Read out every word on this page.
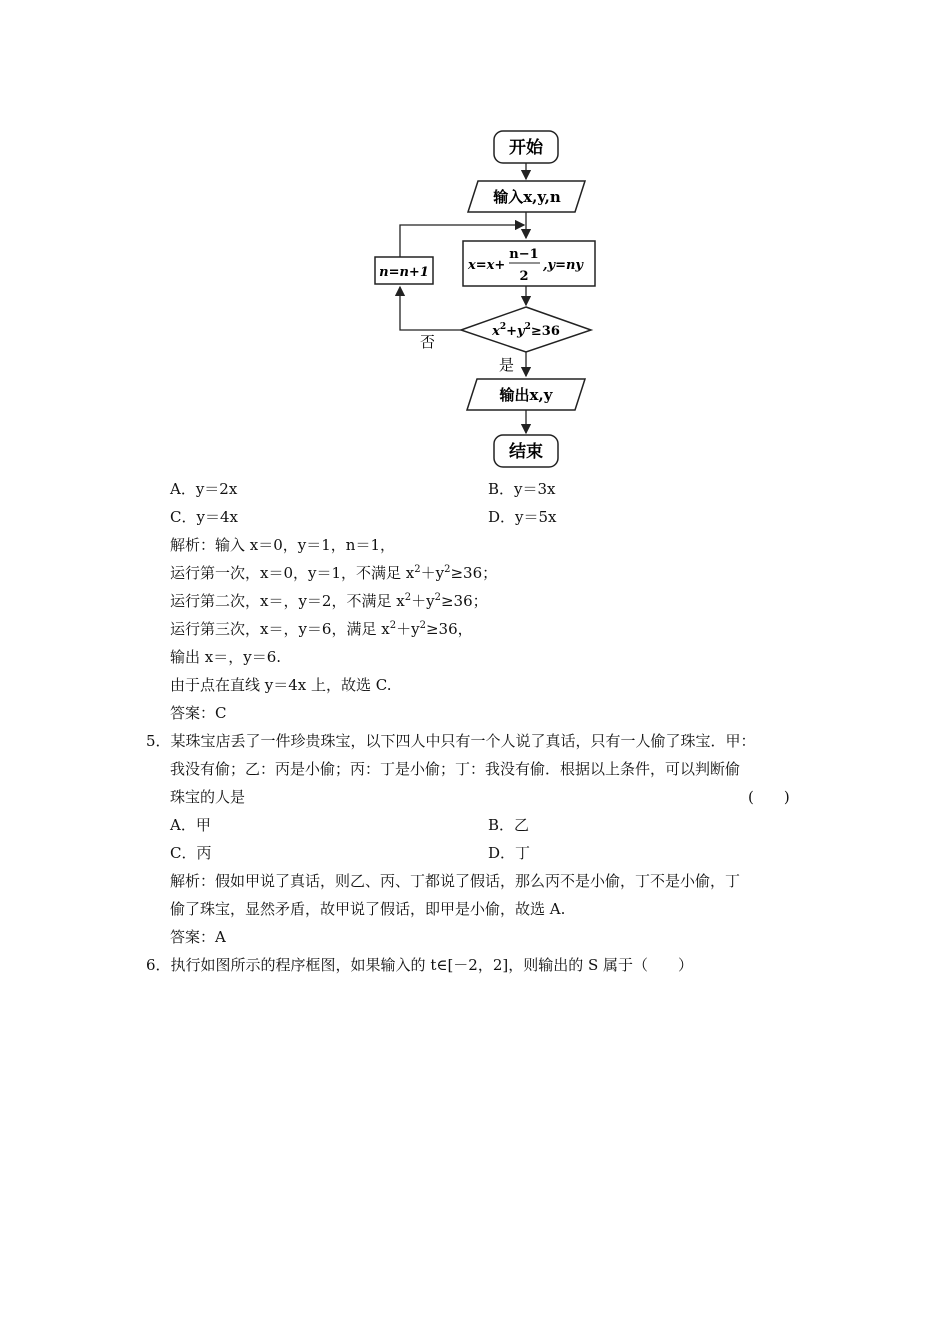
开始
输入x,y,n
x=x+
n−1
2
,y=ny
$x^2+y^2\ge 36$
是
否
n=n+1
输出x,y
结束
A．y＝2x	B．y＝3x
C．y＝4x	D．y＝5x
解析：输入 x＝0，y＝1，n＝1，
运行第一次，x＝0，y＝1，不满足 $x^2+y^2\ge 36$；
运行第二次，x＝，y＝2，不满足 $x^2+y^2\ge 36$；
运行第三次，x＝，y＝6，满足 $x^2+y^2\ge 36$，
输出 x＝，y＝6.
由于点在直线 y＝4x 上，故选 C.
答案：C
5．某珠宝店丢了一件珍贵珠宝，以下四人中只有一个人说了真话，只有一人偷了珠宝．甲：
我没有偷；乙：丙是小偷；丙：丁是小偷；丁：我没有偷．根据以上条件，可以判断偷
珠宝的人是	(　　)
A．甲	B．乙
C．丙	D．丁
解析：假如甲说了真话，则乙、丙、丁都说了假话，那么丙不是小偷，丁不是小偷，丁
偷了珠宝，显然矛盾，故甲说了假话，即甲是小偷，故选 A.
答案：A
6．执行如图所示的程序框图，如果输入的 t∈[－2，2]，则输出的 S 属于（　　）
